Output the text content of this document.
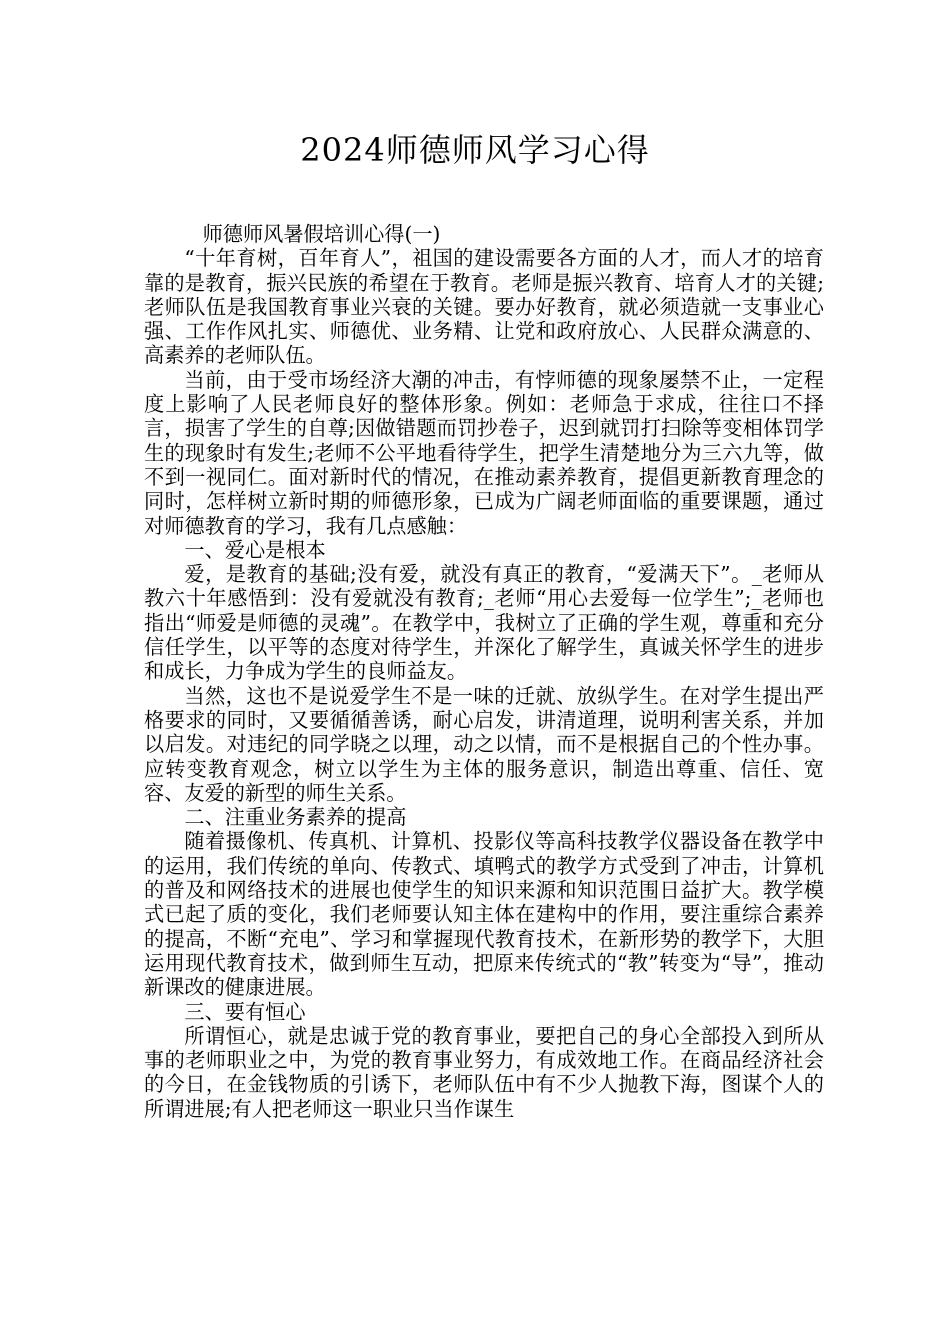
2024师德师风学习心得

师德师风暑假培训心得(一)

“十年育树，百年育人”，祖国的建设需要各方面的人才，而人才的培育靠的是教育，振兴民族的希望在于教育。老师是振兴教育、培育人才的关键;老师队伍是我国教育事业兴衰的关键。要办好教育，就必须造就一支事业心强、工作作风扎实、师德优、业务精、让党和政府放心、人民群众满意的、高素养的老师队伍。

当前，由于受市场经济大潮的冲击，有悖师德的现象屡禁不止，一定程度上影响了人民老师良好的整体形象。例如：老师急于求成，往往口不择言，损害了学生的自尊;因做错题而罚抄卷子，迟到就罚打扫除等变相体罚学生的现象时有发生;老师不公平地看待学生，把学生清楚地分为三六九等，做不到一视同仁。面对新时代的情况，在推动素养教育，提倡更新教育理念的同时，怎样树立新时期的师德形象，已成为广阔老师面临的重要课题，通过对师德教育的学习，我有几点感触：

一、爱心是根本

爱，是教育的基础;没有爱，就没有真正的教育，“爱满天下”。_老师从教六十年感悟到：没有爱就没有教育;_老师“用心去爱每一位学生”;_老师也指出“师爱是师德的灵魂”。在教学中，我树立了正确的学生观，尊重和充分信任学生，以平等的态度对待学生，并深化了解学生，真诚关怀学生的进步和成长，力争成为学生的良师益友。

当然，这也不是说爱学生不是一味的迁就、放纵学生。在对学生提出严格要求的同时，又要循循善诱，耐心启发，讲清道理，说明利害关系，并加以启发。对违纪的同学晓之以理，动之以情，而不是根据自己的个性办事。应转变教育观念，树立以学生为主体的服务意识，制造出尊重、信任、宽容、友爱的新型的师生关系。

二、注重业务素养的提高

随着摄像机、传真机、计算机、投影仪等高科技教学仪器设备在教学中的运用，我们传统的单向、传教式、填鸭式的教学方式受到了冲击，计算机的普及和网络技术的进展也使学生的知识来源和知识范围日益扩大。教学模式已起了质的变化，我们老师要认知主体在建构中的作用，要注重综合素养的提高，不断“充电”、学习和掌握现代教育技术，在新形势的教学下，大胆运用现代教育技术，做到师生互动，把原来传统式的“教”转变为“导”，推动新课改的健康进展。

三、要有恒心

所谓恒心，就是忠诚于党的教育事业，要把自己的身心全部投入到所从事的老师职业之中，为党的教育事业努力，有成效地工作。在商品经济社会的今日，在金钱物质的引诱下，老师队伍中有不少人抛教下海，图谋个人的所谓进展;有人把老师这一职业只当作谋生
